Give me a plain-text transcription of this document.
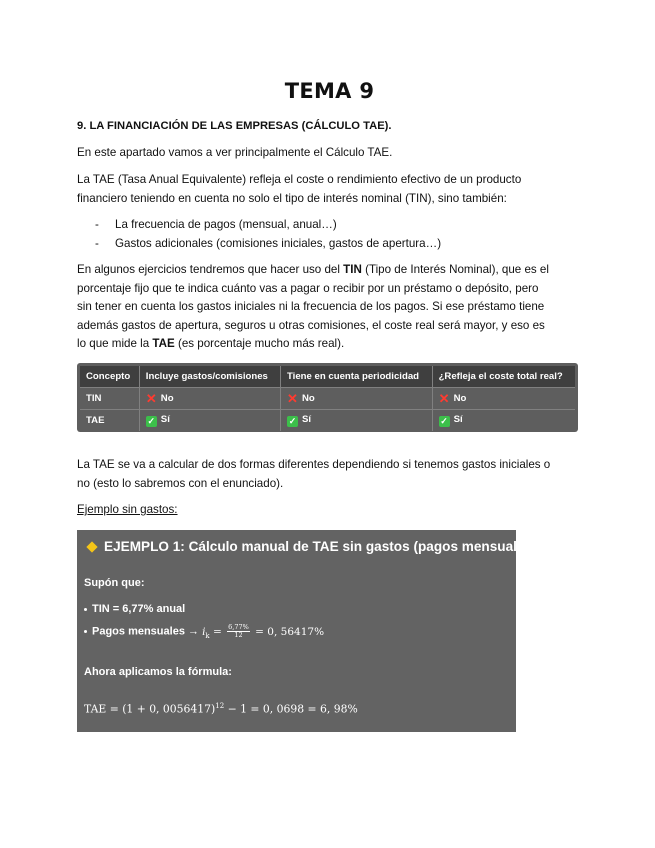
TEMA 9
9. LA FINANCIACIÓN DE LAS EMPRESAS (CÁLCULO TAE).
En este apartado vamos a ver principalmente el Cálculo TAE.
La TAE (Tasa Anual Equivalente) refleja el coste o rendimiento efectivo de un producto
financiero teniendo en cuenta no solo el tipo de interés nominal (TIN), sino también:
- La frecuencia de pagos (mensual, anual…)
- Gastos adicionales (comisiones iniciales, gastos de apertura…)
En algunos ejercicios tendremos que hacer uso del TIN (Tipo de Interés Nominal), que es el
porcentaje fijo que te indica cuánto vas a pagar o recibir por un préstamo o depósito, pero
sin tener en cuenta los gastos iniciales ni la frecuencia de los pagos. Si ese préstamo tiene
además gastos de apertura, seguros u otras comisiones, el coste real será mayor, y eso es
lo que mide la TAE (es porcentaje mucho más real).
La TAE se va a calcular de dos formas diferentes dependiendo si tenemos gastos iniciales o
no (esto lo sabremos con el enunciado).
Ejemplo sin gastos:
Concepto	Incluye gastos/comisiones	Tiene en cuenta periodicidad	¿Refleja el coste total real?
TIN	✕ No	✕ No	✕ No
TAE	✓ Sí	✓ Sí	✓ Sí
EJEMPLO 1: Cálculo manual de TAE sin gastos (pagos mensuales)
Supón que:
TIN = 6,77% anual
Pagos mensuales → $i_k = \frac{6,77\%}{12} = 0$, 56417%
Ahora aplicamos la fórmula:
TAE = (1 + 0, 0056417)$^{12}$ − 1 = 0, 0698 = 6, 98%
